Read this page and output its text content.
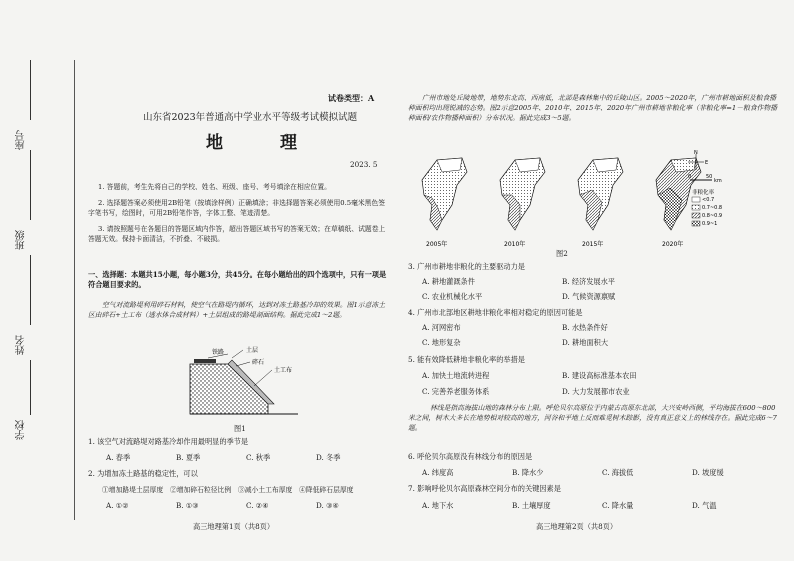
学校
姓名
班级
座号

试卷类型：A

山东省2023年普通高中学业水平等级考试模拟试题

地　理

2023. 5

1. 答题前，考生先将自己的学校、姓名、班级、座号、考号填涂在相应位置。

2. 选择题答案必须使用2B铅笔（按填涂样例）正确填涂；非选择题答案必须使用0.5毫米黑色签字笔书写，绘图时，可用2B铅笔作答，字体工整、笔迹清楚。

3. 请按照题号在各题目的答题区域内作答，超出答题区域书写的答案无效；在草稿纸、试题卷上答题无效。保持卡面清洁，不折叠、不破损。

一、选择题：本题共15小题，每小题3分，共45分。在每小题给出的四个选项中，只有一项是符合题目要求的。

空气对流路堤利用碎石材料，使空气在路堤内循环，达到对冻土路基冷却的效果。图1示意冻土区由碎石+土工布（透水体合成材料）+土层组成的路堤剖面结构。据此完成1～2题。

土层
铁路
碎石
土工布

图1

1. 该空气对流路堤对路基冷却作用最明显的季节是

A. 春季	B. 夏季	C. 秋季	D. 冬季

2. 为增加冻土路基的稳定性，可以

①增加路堤土层厚度　②增加碎石粒径比例　③减小土工布厚度　④降低碎石层厚度

A. ①②	B. ①③	C. ②④	D. ③④

高三地理第1页（共8页）

广州市地处丘陵地带，地势东北高、西南低，北部是森林集中的丘陵山区。2005～2020年，广州市耕地面积及粮食播种面积均出现锐减的态势。图2示意2005年、2010年、2015年、2020年广州市耕地非粮化率（非粮化率=1－粮食作物播种面积/农作物播种面积）分布状况。据此完成3～5题。

2005年	2010年	2015年	2020年
N
E
0	50
km
非粮化率
<0.7
0.7~0.8
0.8~0.9
0.9~1

图2

3. 广州市耕地非粮化的主要驱动力是

A. 耕地灌溉条件	B. 经济发展水平
C. 农业机械化水平	D. 气候资源禀赋

4. 广州市北部地区耕地非粮化率相对稳定的原因可能是

A. 河网密布	B. 水热条件好
C. 地形复杂	D. 耕地面积大

5. 能有效降低耕地非粮化率的举措是

A. 加快土地流转进程	B. 建设高标准基本农田
C. 完善养老服务体系	D. 大力发展都市农业

林线是指高海拔山地的森林分布上限。呼伦贝尔高原位于内蒙古高原东北部，大兴安岭西侧，平均海拔在600～800米之间，树木大多长在地势相对较高的地方，河谷和平地上反而难觅树木踪影，没有真正意义上的林线存在。据此完成6～7题。

6. 呼伦贝尔高原没有林线分布的原因是

A. 纬度高	B. 降水少	C. 海拔低	D. 坡度缓

7. 影响呼伦贝尔高原森林空间分布的关键因素是

A. 地下水	B. 土壤厚度	C. 降水量	D. 气温

高三地理第2页（共8页）
